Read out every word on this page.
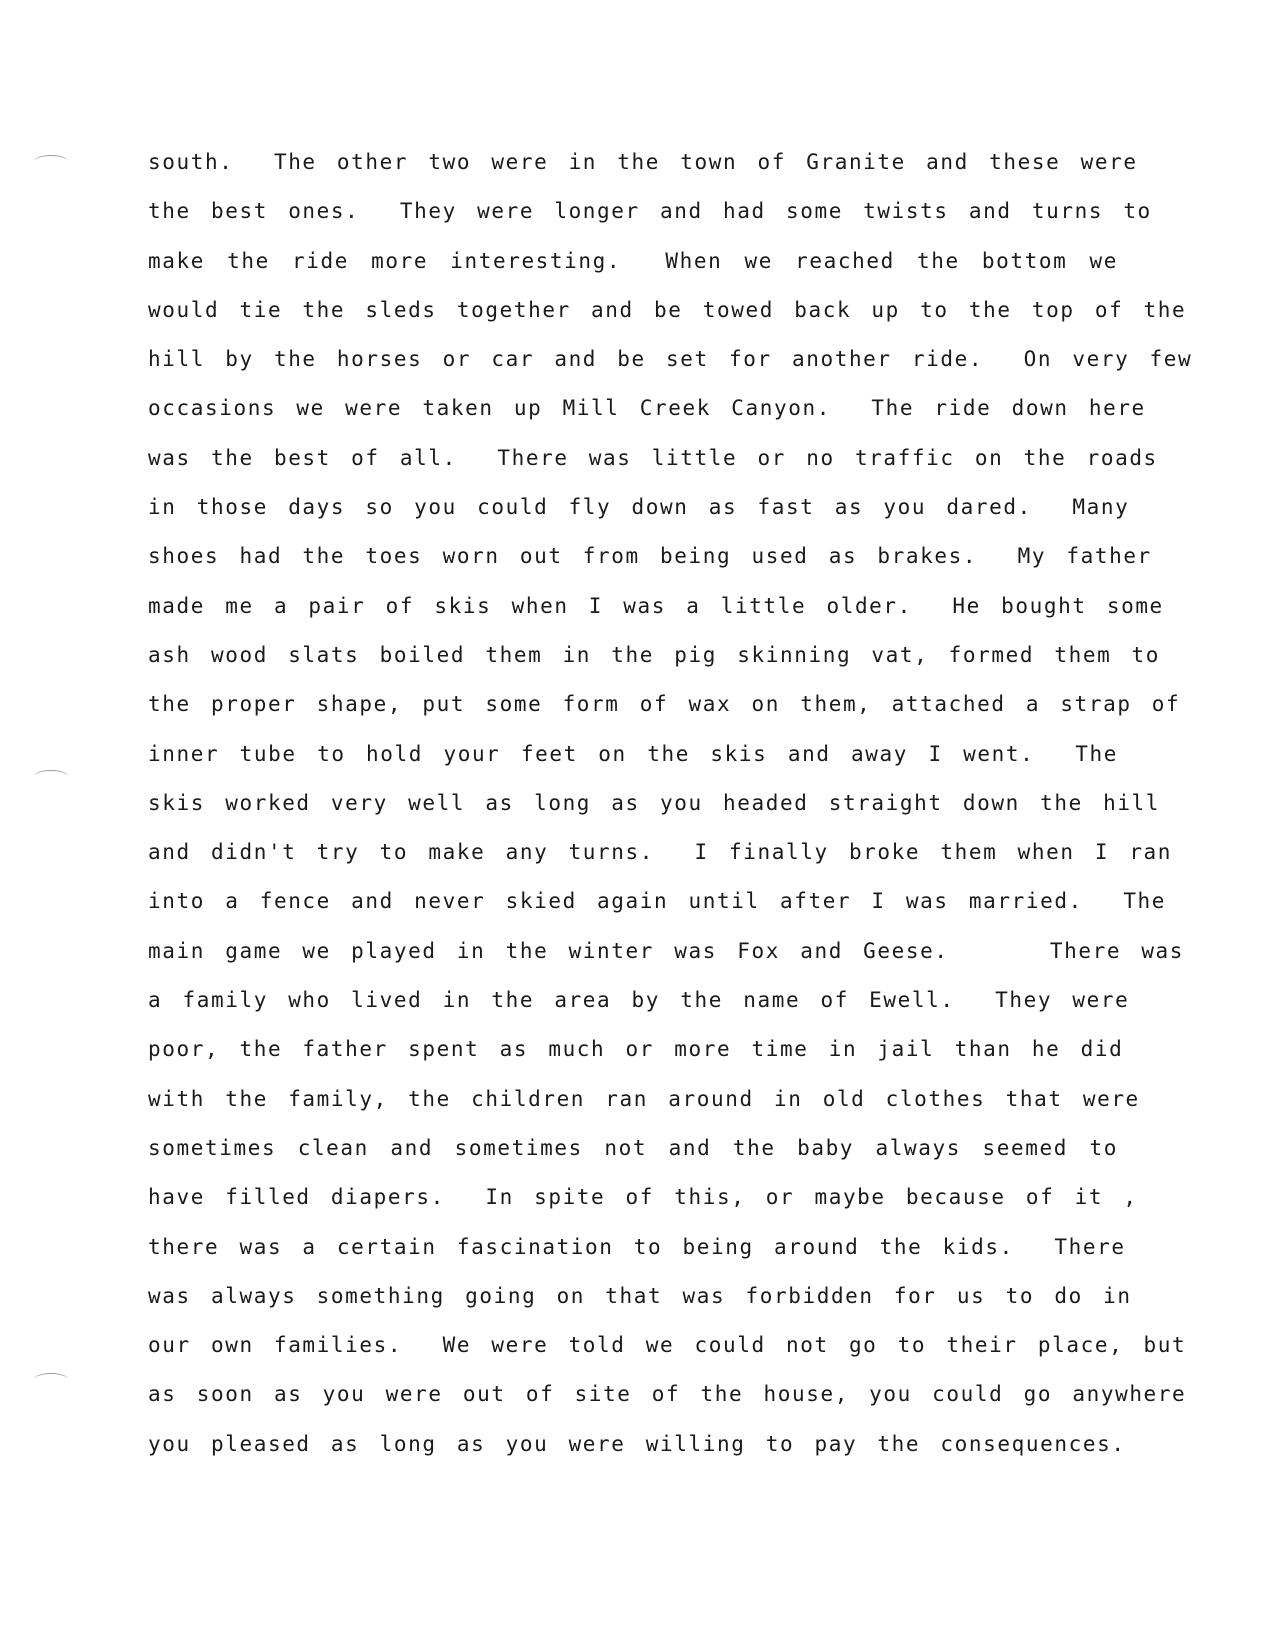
south.  The other two were in the town of Granite and these were
the best ones.  They were longer and had some twists and turns to
make the ride more interesting.  When we reached the bottom we
would tie the sleds together and be towed back up to the top of the
hill by the horses or car and be set for another ride.  On very few
occasions we were taken up Mill Creek Canyon.  The ride down here
was the best of all.  There was little or no traffic on the roads
in those days so you could fly down as fast as you dared.  Many
shoes had the toes worn out from being used as brakes.  My father
made me a pair of skis when I was a little older.  He bought some
ash wood slats boiled them in the pig skinning vat, formed them to
the proper shape, put some form of wax on them, attached a strap of
inner tube to hold your feet on the skis and away I went.  The
skis worked very well as long as you headed straight down the hill
and didn't try to make any turns.  I finally broke them when I ran
into a fence and never skied again until after I was married.  The
main game we played in the winter was Fox and Geese.     There was
a family who lived in the area by the name of Ewell.  They were
poor, the father spent as much or more time in jail than he did
with the family, the children ran around in old clothes that were
sometimes clean and sometimes not and the baby always seemed to
have filled diapers.  In spite of this, or maybe because of it ,
there was a certain fascination to being around the kids.  There
was always something going on that was forbidden for us to do in
our own families.  We were told we could not go to their place, but
as soon as you were out of site of the house, you could go anywhere
you pleased as long as you were willing to pay the consequences.
